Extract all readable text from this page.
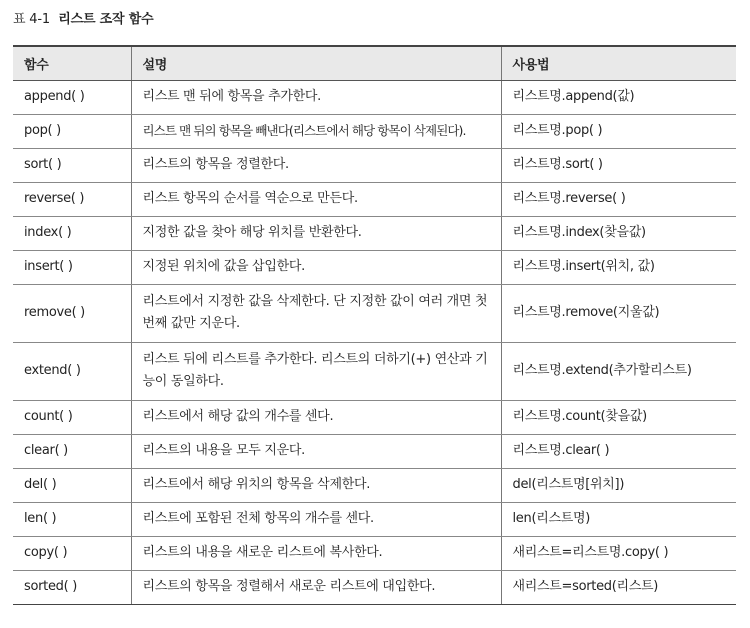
표 4-1 리스트 조작 함수
함수	설명	사용법
append( )	리스트 맨 뒤에 항목을 추가한다.	리스트명.append(값)
pop( )	리스트 맨 뒤의 항목을 빼낸다(리스트에서 해당 항목이 삭제된다).	리스트명.pop( )
sort( )	리스트의 항목을 정렬한다.	리스트명.sort( )
reverse( )	리스트 항목의 순서를 역순으로 만든다.	리스트명.reverse( )
index( )	지정한 값을 찾아 해당 위치를 반환한다.	리스트명.index(찾을값)
insert( )	지정된 위치에 값을 삽입한다.	리스트명.insert(위치, 값)
remove( )	리스트에서 지정한 값을 삭제한다. 단 지정한 값이 여러 개면 첫 번째 값만 지운다.	리스트명.remove(지울값)
extend( )	리스트 뒤에 리스트를 추가한다. 리스트의 더하기(+) 연산과 기능이 동일하다.	리스트명.extend(추가할리스트)
count( )	리스트에서 해당 값의 개수를 센다.	리스트명.count(찾을값)
clear( )	리스트의 내용을 모두 지운다.	리스트명.clear( )
del( )	리스트에서 해당 위치의 항목을 삭제한다.	del(리스트명[위치])
len( )	리스트에 포함된 전체 항목의 개수를 센다.	len(리스트명)
copy( )	리스트의 내용을 새로운 리스트에 복사한다.	새리스트=리스트명.copy( )
sorted( )	리스트의 항목을 정렬해서 새로운 리스트에 대입한다.	새리스트=sorted(리스트)
